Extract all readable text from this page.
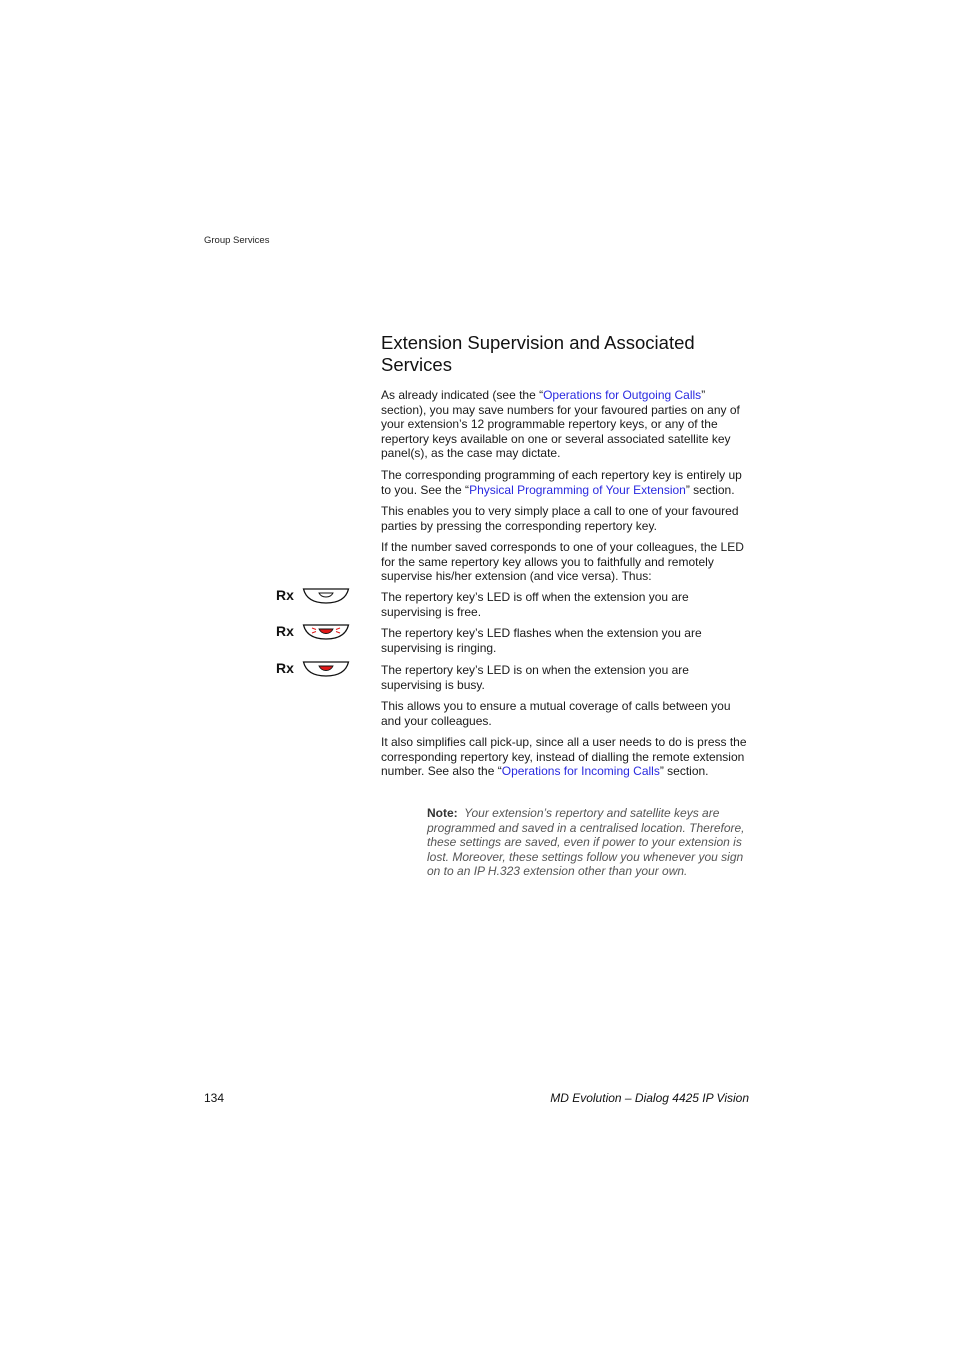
Group Services
Extension Supervision and Associated Services

As already indicated (see the “Operations for Outgoing Calls” section), you may save numbers for your favoured parties on any of your extension’s 12 programmable repertory keys, or any of the repertory keys available on one or several associated satellite key panel(s), as the case may dictate.

The corresponding programming of each repertory key is entirely up to you. See the “Physical Programming of Your Extension” section.

This enables you to very simply place a call to one of your favoured parties by pressing the corresponding repertory key.

If the number saved corresponds to one of your colleagues, the LED for the same repertory key allows you to faithfully and remotely supervise his/her extension (and vice versa). Thus:

Rx	The repertory key’s LED is off when the extension you are supervising is free.

Rx	The repertory key’s LED flashes when the extension you are supervising is ringing.

Rx	The repertory key’s LED is on when the extension you are supervising is busy.

This allows you to ensure a mutual coverage of calls between you and your colleagues.

It also simplifies call pick-up, since all a user needs to do is press the corresponding repertory key, instead of dialling the remote extension number. See also the “Operations for Incoming Calls” section.

Note: Your extension’s repertory and satellite keys are programmed and saved in a centralised location. Therefore, these settings are saved, even if power to your extension is lost. Moreover, these settings follow you whenever you sign on to an IP H.323 extension other than your own.

134	MD Evolution – Dialog 4425 IP Vision
